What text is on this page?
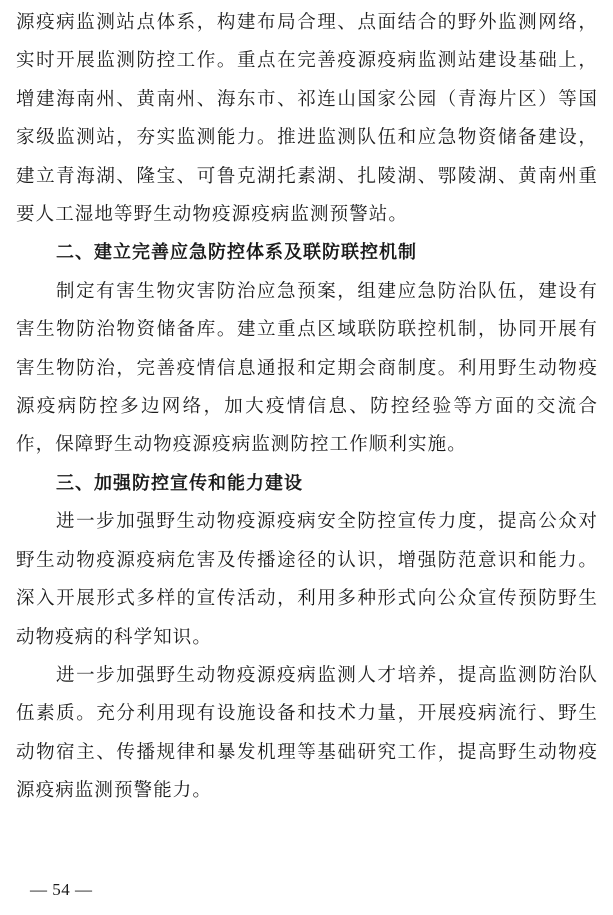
源疫病监测站点体系，构建布局合理、点面结合的野外监测网络，实时开展监测防控工作。重点在完善疫源疫病监测站建设基础上，增建海南州、黄南州、海东市、祁连山国家公园（青海片区）等国家级监测站，夯实监测能力。推进监测队伍和应急物资储备建设，建立青海湖、隆宝、可鲁克湖托素湖、扎陵湖、鄂陵湖、黄南州重要人工湿地等野生动物疫源疫病监测预警站。

二、建立完善应急防控体系及联防联控机制

制定有害生物灾害防治应急预案，组建应急防治队伍，建设有害生物防治物资储备库。建立重点区域联防联控机制，协同开展有害生物防治，完善疫情信息通报和定期会商制度。利用野生动物疫源疫病防控多边网络，加大疫情信息、防控经验等方面的交流合作，保障野生动物疫源疫病监测防控工作顺利实施。

三、加强防控宣传和能力建设

进一步加强野生动物疫源疫病安全防控宣传力度，提高公众对野生动物疫源疫病危害及传播途径的认识，增强防范意识和能力。深入开展形式多样的宣传活动，利用多种形式向公众宣传预防野生动物疫病的科学知识。

进一步加强野生动物疫源疫病监测人才培养，提高监测防治队伍素质。充分利用现有设施设备和技术力量，开展疫病流行、野生动物宿主、传播规律和暴发机理等基础研究工作，提高野生动物疫源疫病监测预警能力。

— 54 —
